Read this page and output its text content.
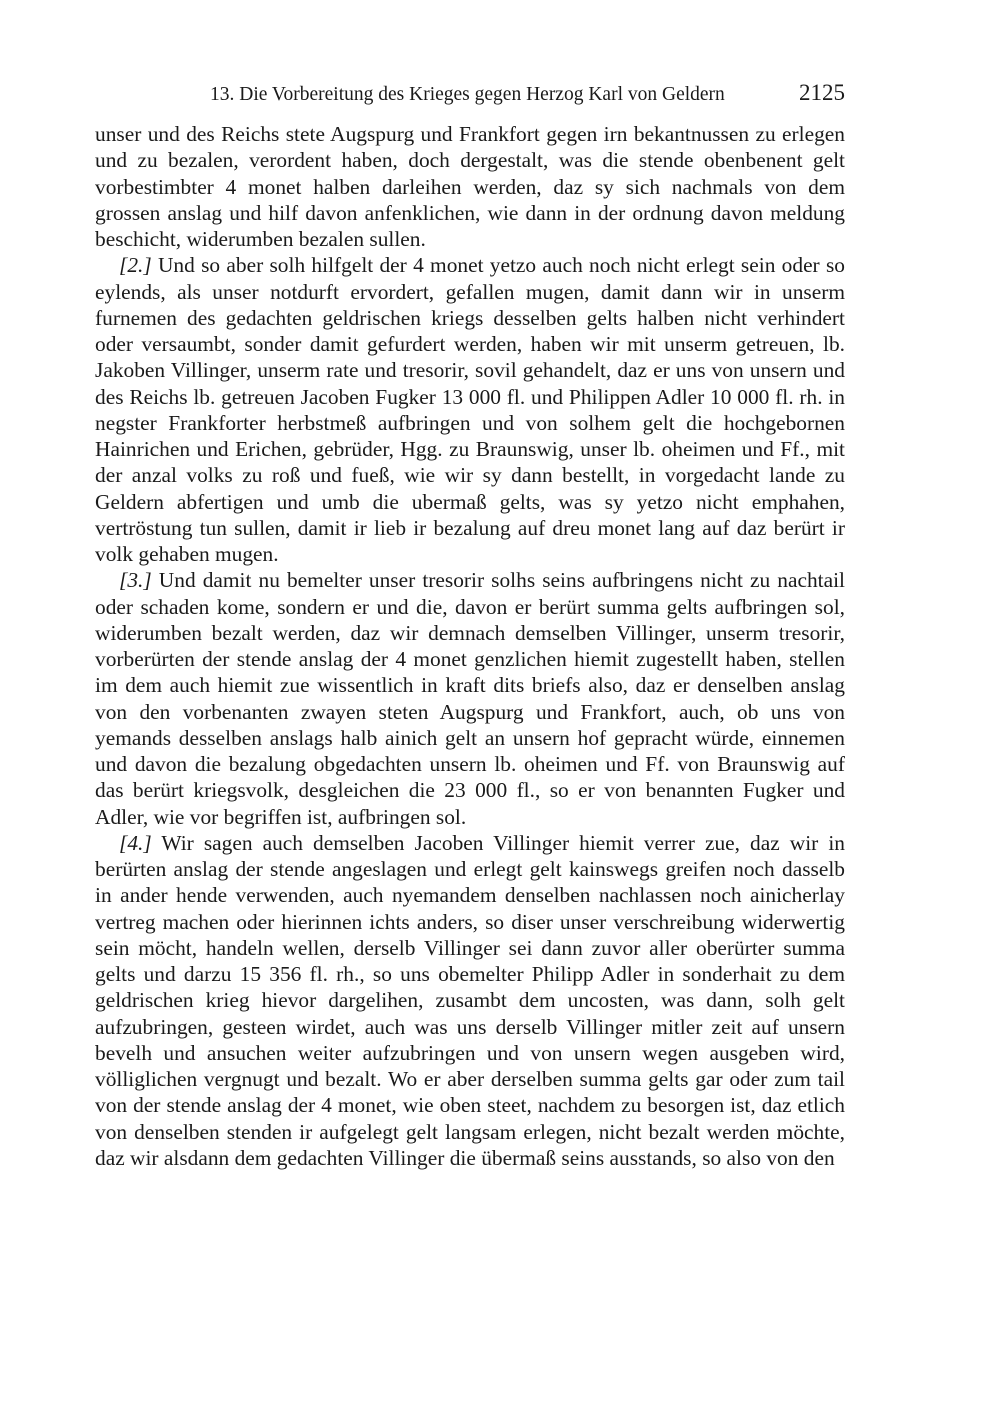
13. Die Vorbereitung des Krieges gegen Herzog Karl von Geldern	2125

unser und des Reichs stete Augspurg und Frankfort gegen irn bekantnussen zu erlegen und zu bezalen, verordent haben, doch dergestalt, was die stende obenbenent gelt vorbestimbter 4 monet halben darleihen werden, daz sy sich nachmals von dem grossen anslag und hilf davon anfenklichen, wie dann in der ordnung davon meldung beschicht, widerumben bezalen sullen.

[2.] Und so aber solh hilfgelt der 4 monet yetzo auch noch nicht erlegt sein oder so eylends, als unser notdurft ervordert, gefallen mugen, damit dann wir in unserm furnemen des gedachten geldrischen kriegs desselben gelts halben nicht verhindert oder versaumbt, sonder damit gefurdert werden, haben wir mit unserm getreuen, lb. Jakoben Villinger, unserm rate und tresorir, sovil gehandelt, daz er uns von unsern und des Reichs lb. getreuen Jacoben Fugker 13 000 fl. und Philippen Adler 10 000 fl. rh. in negster Frankforter herbstmeß aufbringen und von solhem gelt die hochgebornen Hainrichen und Erichen, gebrüder, Hgg. zu Braunswig, unser lb. oheimen und Ff., mit der anzal volks zu roß und fueß, wie wir sy dann bestellt, in vorgedacht lande zu Geldern abfertigen und umb die ubermaß gelts, was sy yetzo nicht emphahen, vertröstung tun sullen, damit ir lieb ir bezalung auf dreu monet lang auf daz berürt ir volk gehaben mugen.

[3.] Und damit nu bemelter unser tresorir solhs seins aufbringens nicht zu nachtail oder schaden kome, sondern er und die, davon er berürt summa gelts aufbringen sol, widerumben bezalt werden, daz wir demnach demselben Villinger, unserm tresorir, vorberürten der stende anslag der 4 monet genzlichen hiemit zugestellt haben, stellen im dem auch hiemit zue wissentlich in kraft dits briefs also, daz er denselben anslag von den vorbenanten zwayen steten Augspurg und Frankfort, auch, ob uns von yemands desselben anslags halb ainich gelt an unsern hof gepracht würde, einnemen und davon die bezalung obgedachten unsern lb. oheimen und Ff. von Braunswig auf das berürt kriegsvolk, desgleichen die 23 000 fl., so er von benannten Fugker und Adler, wie vor begriffen ist, aufbringen sol.

[4.] Wir sagen auch demselben Jacoben Villinger hiemit verrer zue, daz wir in berürten anslag der stende angeslagen und erlegt gelt kainswegs greifen noch dasselb in ander hende verwenden, auch nyemandem denselben nachlassen noch ainicherlay vertreg machen oder hierinnen ichts anders, so diser unser verschreibung widerwertig sein möcht, handeln wellen, derselb Villinger sei dann zuvor aller oberürter summa gelts und darzu 15 356 fl. rh., so uns obemelter Philipp Adler in sonderhait zu dem geldrischen krieg hievor dargelihen, zusambt dem uncosten, was dann, solh gelt aufzubringen, gesteen wirdet, auch was uns derselb Villinger mitler zeit auf unsern bevelh und ansuchen weiter aufzubringen und von unsern wegen ausgeben wird, völliglichen vergnugt und bezalt. Wo er aber derselben summa gelts gar oder zum tail von der stende anslag der 4 monet, wie oben steet, nachdem zu besorgen ist, daz etlich von denselben stenden ir aufgelegt gelt langsam erlegen, nicht bezalt werden möchte, daz wir alsdann dem gedachten Villinger die übermaß seins ausstands, so also von den
